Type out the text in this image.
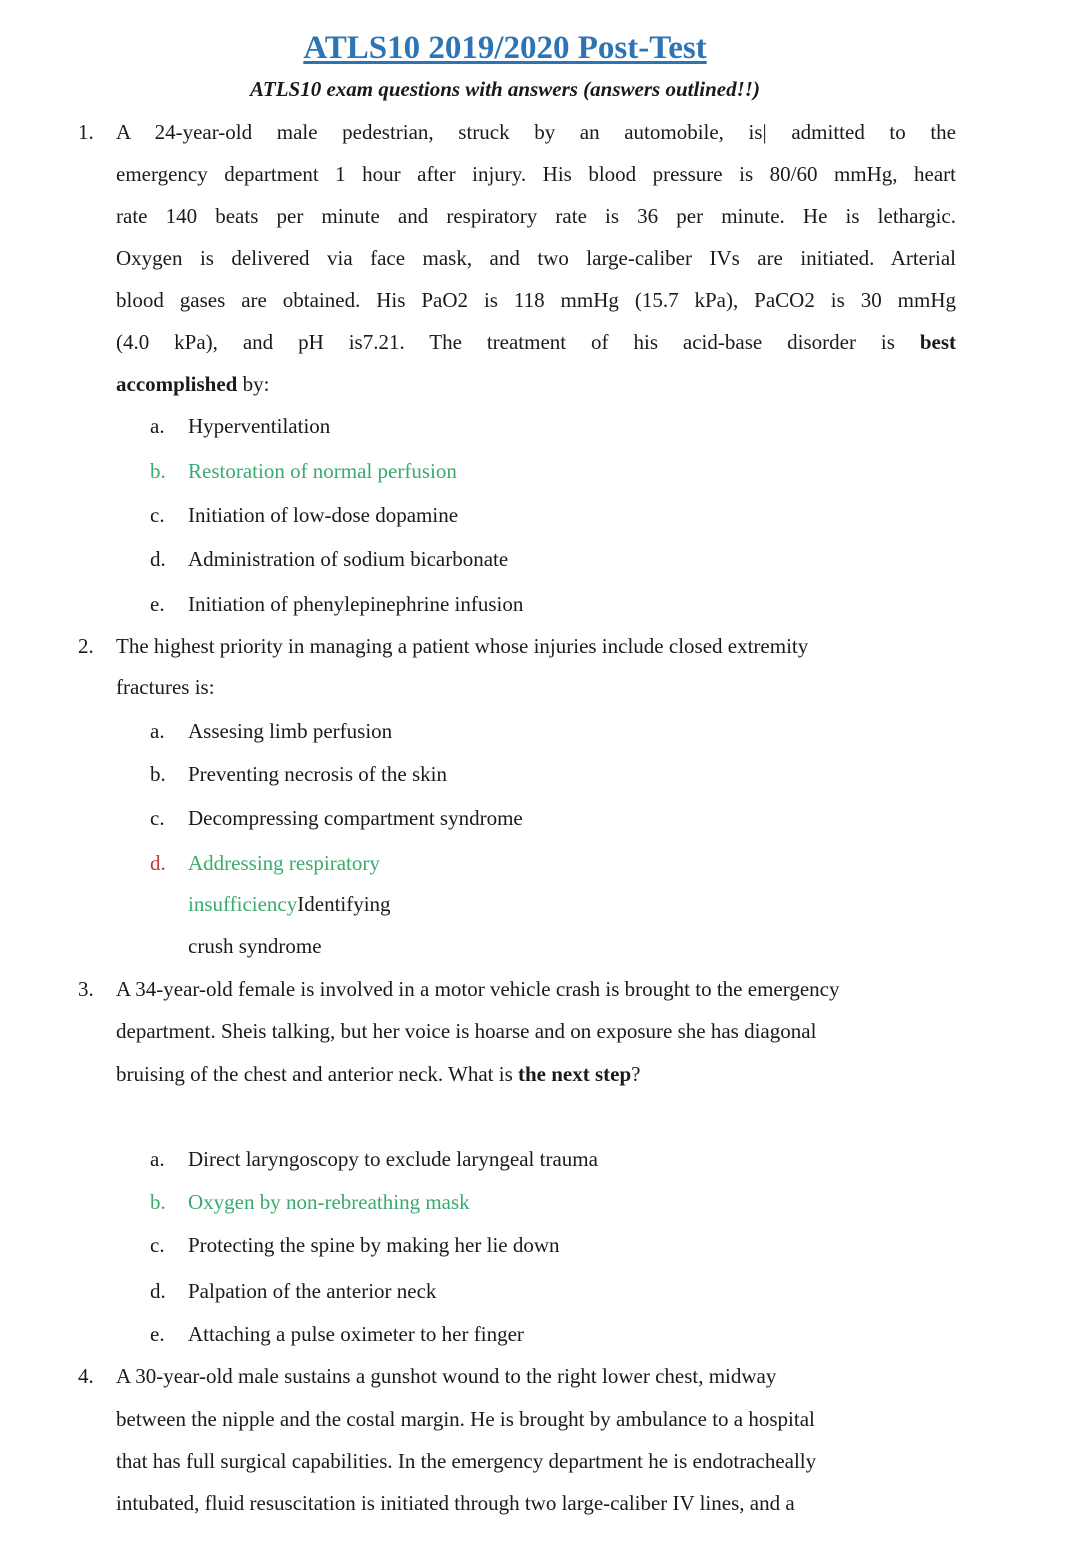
ATLS10 2019/2020 Post-Test
ATLS10 exam questions with answers (answers outlined!!)
1. A 24-year-old male pedestrian, struck by an automobile, is| admitted to the
emergency department 1 hour after injury. His blood pressure is 80/60 mmHg, heart
rate 140 beats per minute and respiratory rate is 36 per minute. He is lethargic.
Oxygen is delivered via face mask, and two large-caliber IVs are initiated. Arterial
blood gases are obtained. His PaO2 is 118 mmHg (15.7 kPa), PaCO2 is 30 mmHg
(4.0 kPa), and pH is7.21. The treatment of his acid-base disorder is best
accomplished by:
a. Hyperventilation
b. Restoration of normal perfusion
c. Initiation of low-dose dopamine
d. Administration of sodium bicarbonate
e. Initiation of phenylepinephrine infusion
2. The highest priority in managing a patient whose injuries include closed extremity
fractures is:
a. Assesing limb perfusion
b. Preventing necrosis of the skin
c. Decompressing compartment syndrome
d. Addressing respiratory
insufficiencyIdentifying
crush syndrome
3. A 34-year-old female is involved in a motor vehicle crash is brought to the emergency
department. Sheis talking, but her voice is hoarse and on exposure she has diagonal
bruising of the chest and anterior neck. What is the next step?
a. Direct laryngoscopy to exclude laryngeal trauma
b. Oxygen by non-rebreathing mask
c. Protecting the spine by making her lie down
d. Palpation of the anterior neck
e. Attaching a pulse oximeter to her finger
4. A 30-year-old male sustains a gunshot wound to the right lower chest, midway
between the nipple and the costal margin. He is brought by ambulance to a hospital
that has full surgical capabilities. In the emergency department he is endotracheally
intubated, fluid resuscitation is initiated through two large-caliber IV lines, and a
